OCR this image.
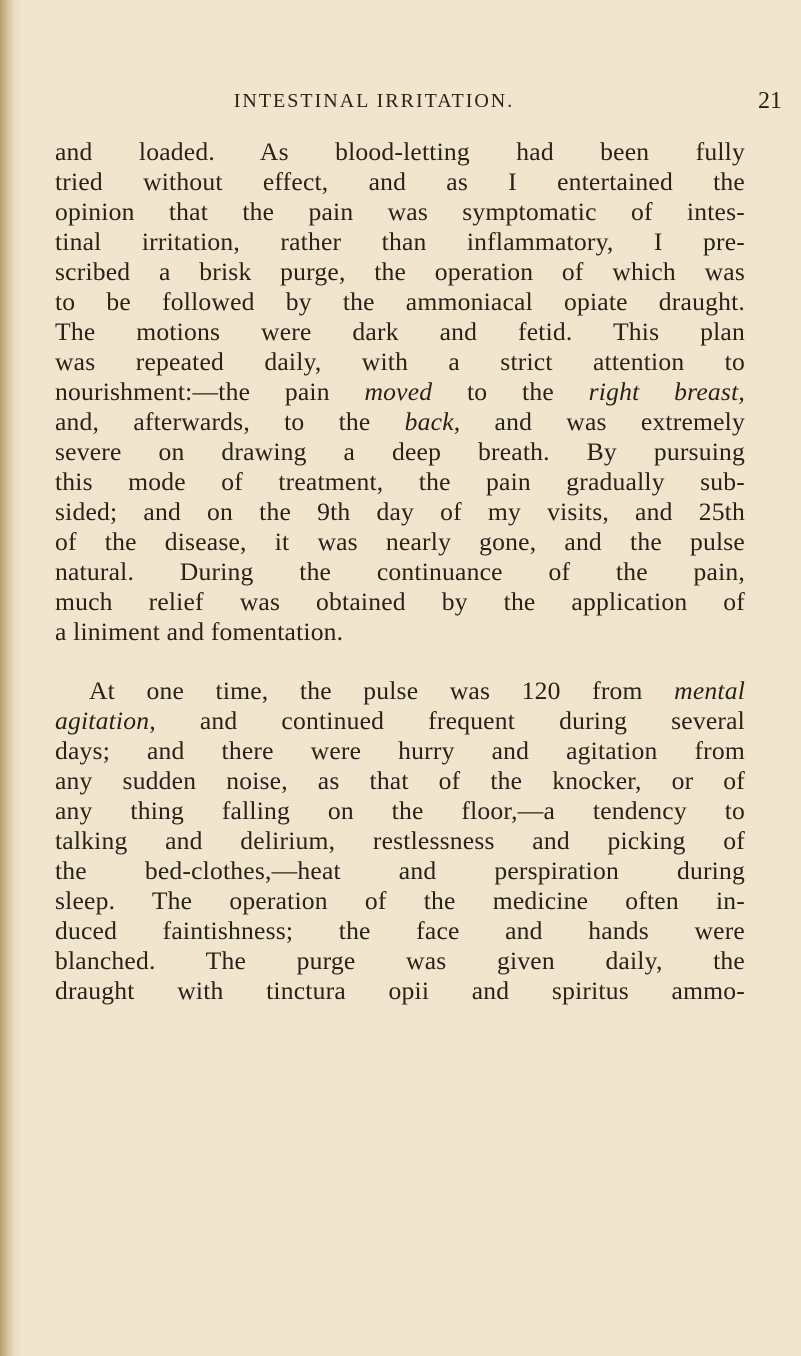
INTESTINAL IRRITATION.	21
and loaded. As blood-letting had been fully
tried without effect, and as I entertained the
opinion that the pain was symptomatic of intes-
tinal irritation, rather than inflammatory, I pre-
scribed a brisk purge, the operation of which was
to be followed by the ammoniacal opiate draught.
The motions were dark and fetid. This plan
was repeated daily, with a strict attention to
nourishment:—the pain moved to the right breast,
and, afterwards, to the back, and was extremely
severe on drawing a deep breath. By pursuing
this mode of treatment, the pain gradually sub-
sided; and on the 9th day of my visits, and 25th
of the disease, it was nearly gone, and the pulse
natural. During the continuance of the pain,
much relief was obtained by the application of
a liniment and fomentation.
At one time, the pulse was 120 from mental
agitation, and continued frequent during several
days; and there were hurry and agitation from
any sudden noise, as that of the knocker, or of
any thing falling on the floor,—a tendency to
talking and delirium, restlessness and picking of
the bed-clothes,—heat and perspiration during
sleep. The operation of the medicine often in-
duced faintishness; the face and hands were
blanched. The purge was given daily, the
draught with tinctura opii and spiritus ammo-
